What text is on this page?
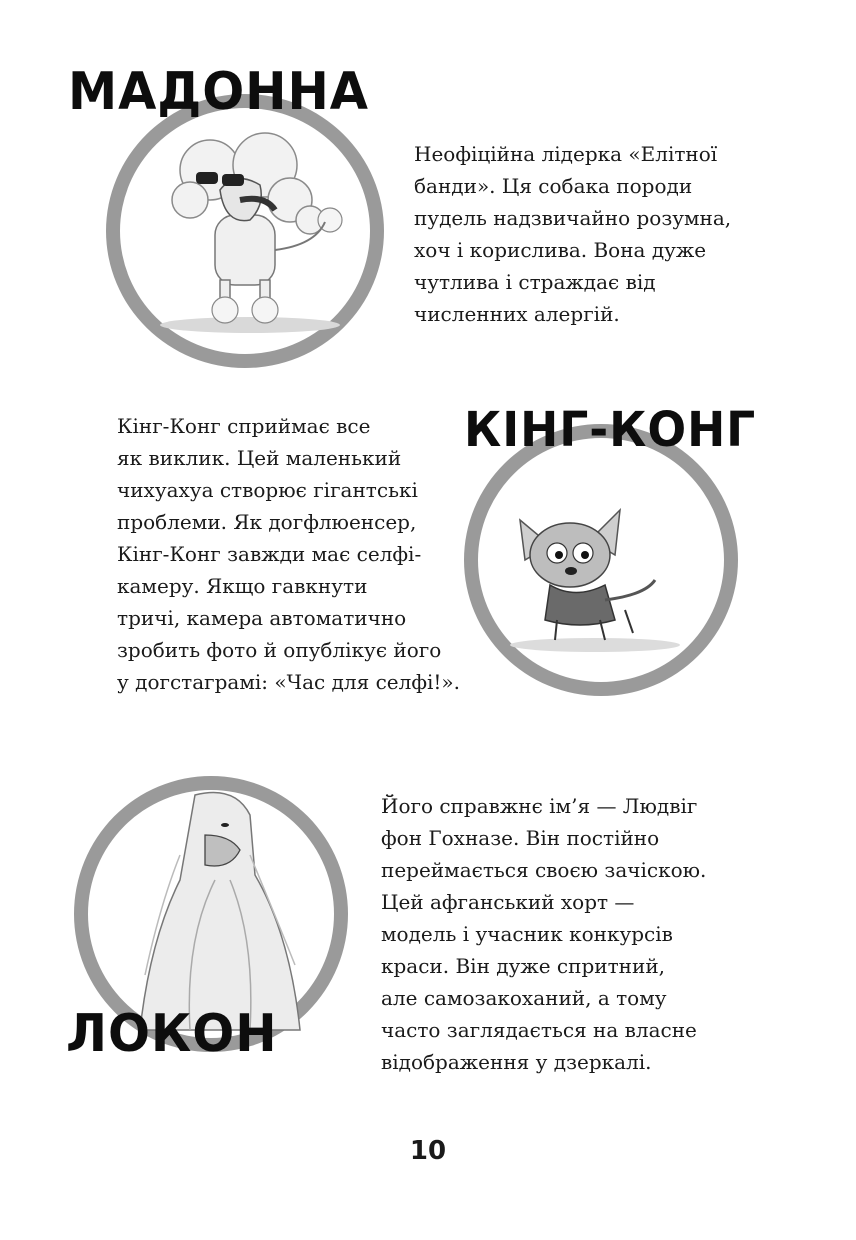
МАДОННА
Неофіційна лідерка «Елітної
банди». Ця собака породи
пудель надзвичайно розумна,
хоч і корислива. Вона дуже
чутлива і страждає від
численних алергій.
КІНГ-КОНГ
Кінг-Конг сприймає все
як виклик. Цей маленький
чихуахуа створює гігантські
проблеми. Як догфлюенсер,
Кінг-Конг завжди має селфі-
камеру. Якщо гавкнути
тричі, камера автоматично
зробить фото й опублікує його
у догстаграмі: «Час для селфі!».
ЛОКОН
Його справжнє ім’я — Людвіг
фон Гохназе. Він постійно
переймається своєю зачіскою.
Цей афганський хорт —
модель і учасник конкурсів
краси. Він дуже спритний,
але самозакоханий, а тому
часто заглядається на власне
відображення у дзеркалі.
10
